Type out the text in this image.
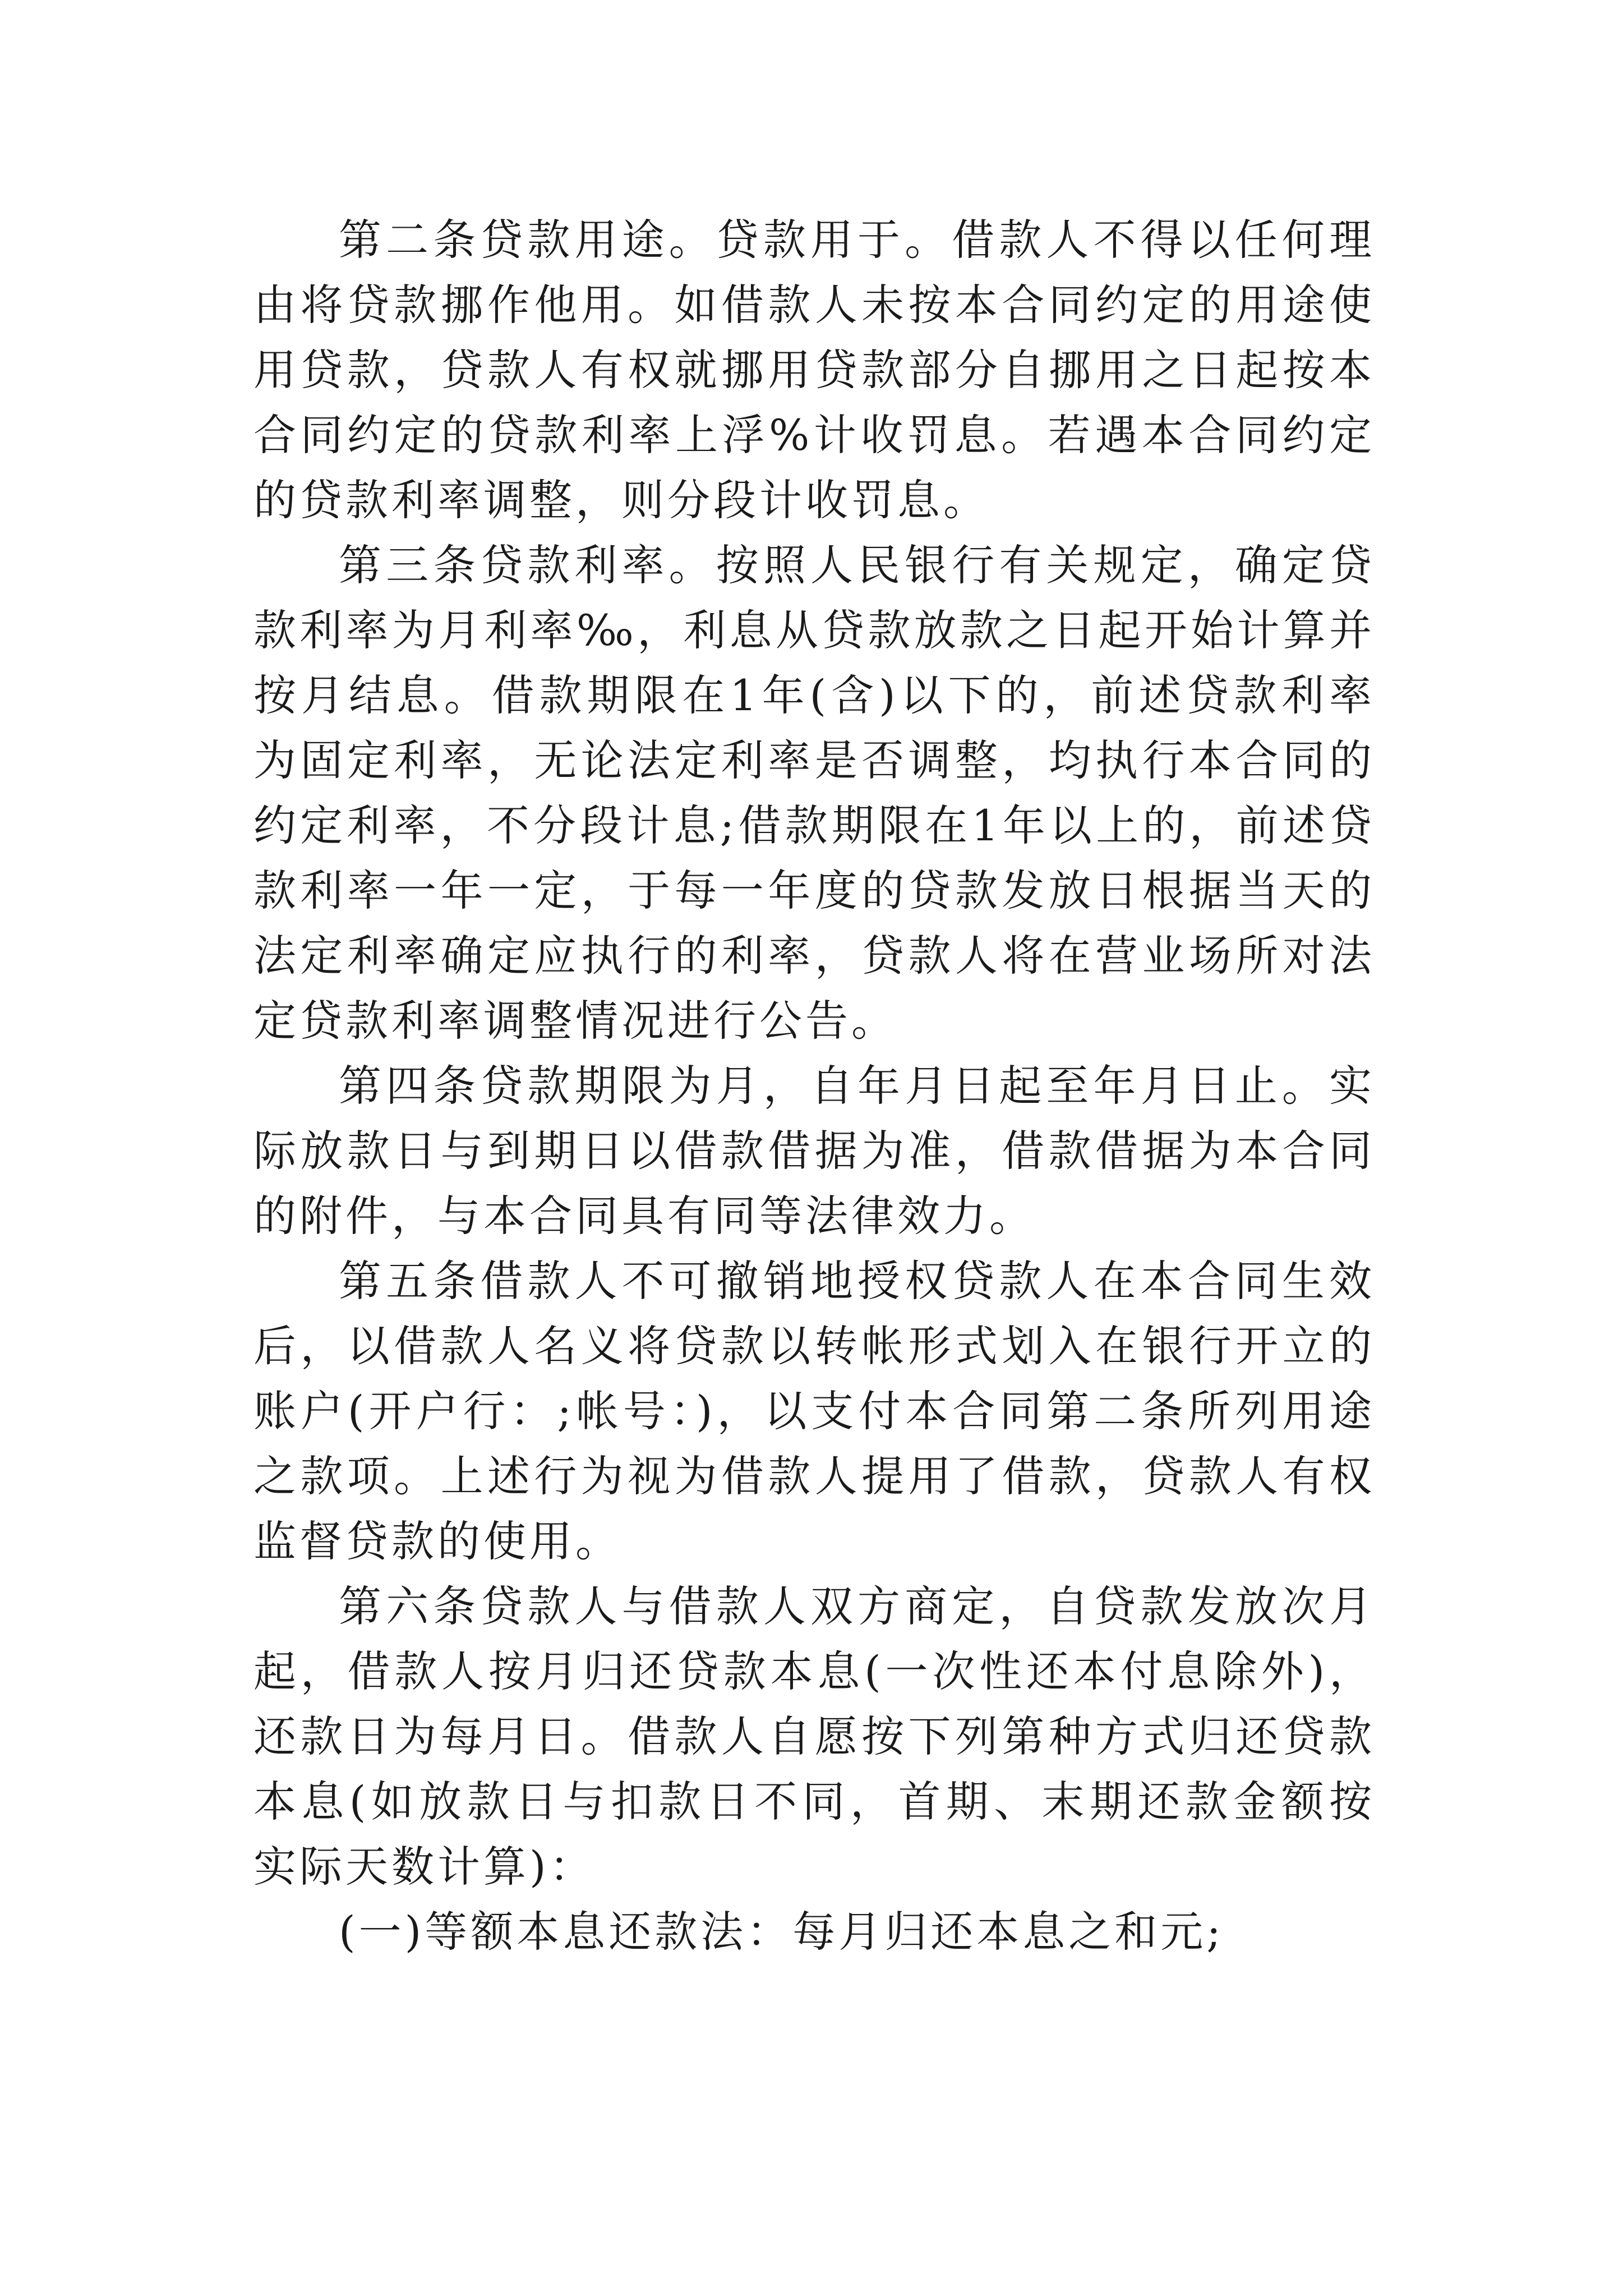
第二条贷款用途。贷款用于。借款人不得以任何理由将贷款挪作他用。如借款人未按本合同约定的用途使用贷款，贷款人有权就挪用贷款部分自挪用之日起按本合同约定的贷款利率上浮%计收罚息。若遇本合同约定的贷款利率调整，则分段计收罚息。

第三条贷款利率。按照人民银行有关规定，确定贷款利率为月利率‰，利息从贷款放款之日起开始计算并按月结息。借款期限在1年(含)以下的，前述贷款利率为固定利率，无论法定利率是否调整，均执行本合同的约定利率，不分段计息;借款期限在1年以上的，前述贷款利率一年一定，于每一年度的贷款发放日根据当天的法定利率确定应执行的利率，贷款人将在营业场所对法定贷款利率调整情况进行公告。

第四条贷款期限为月，自年月日起至年月日止。实际放款日与到期日以借款借据为准，借款借据为本合同的附件，与本合同具有同等法律效力。

第五条借款人不可撤销地授权贷款人在本合同生效后，以借款人名义将贷款以转帐形式划入在银行开立的账户(开户行：;帐号：)，以支付本合同第二条所列用途之款项。上述行为视为借款人提用了借款，贷款人有权监督贷款的使用。

第六条贷款人与借款人双方商定，自贷款发放次月起，借款人按月归还贷款本息(一次性还本付息除外)，还款日为每月日。借款人自愿按下列第种方式归还贷款本息(如放款日与扣款日不同，首期、末期还款金额按实际天数计算)：

(一)等额本息还款法：每月归还本息之和元;
